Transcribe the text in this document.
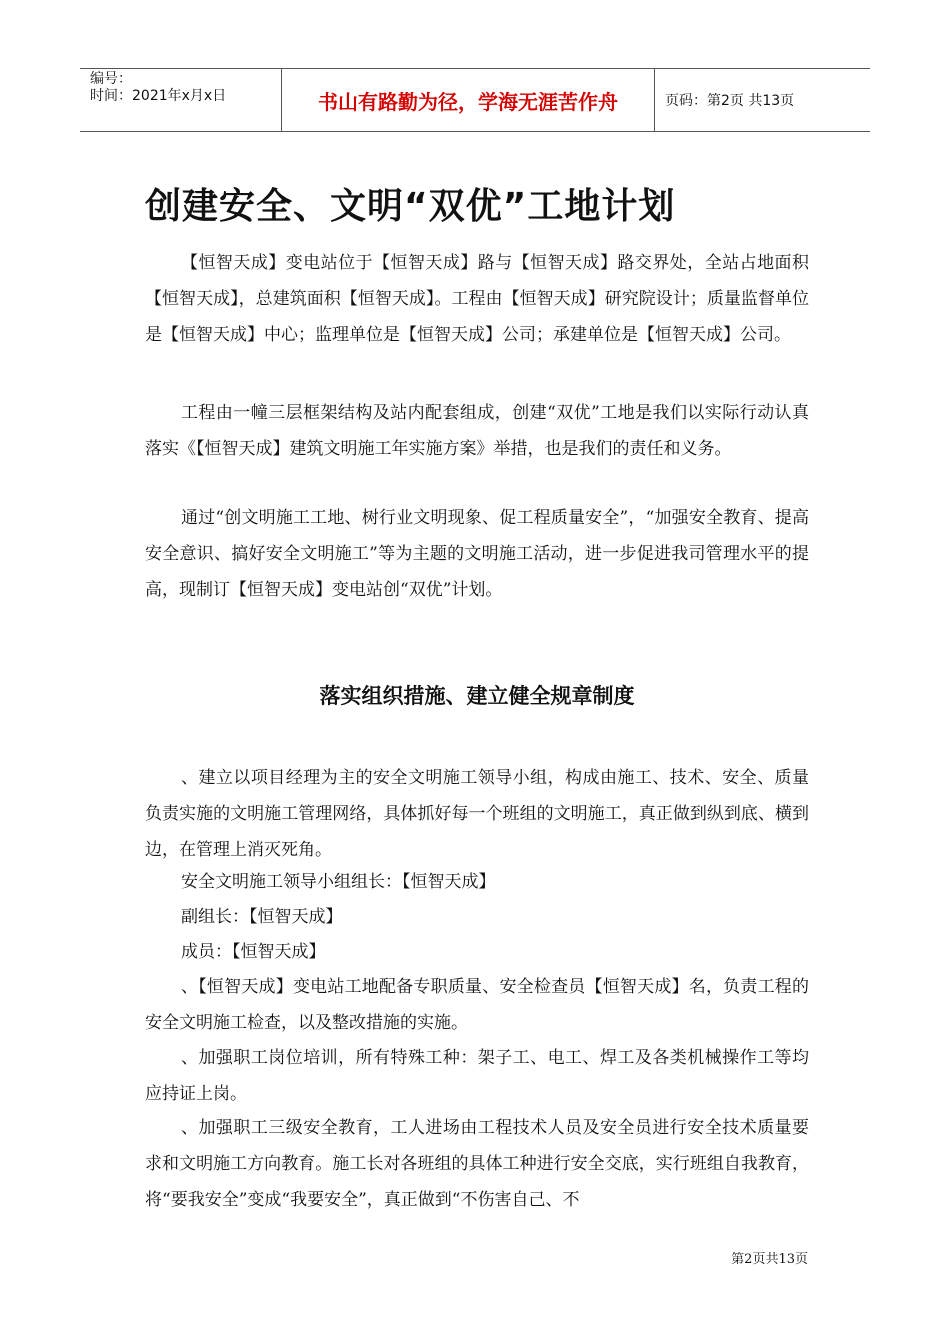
编号：
时间：2021年x月x日	书山有路勤为径，学海无涯苦作舟	页码：第2页 共13页
创建安全、文明“双优”工地计划

【恒智天成】变电站位于【恒智天成】路与【恒智天成】路交界处，全站占地面积【恒智天成】，总建筑面积【恒智天成】。工程由【恒智天成】研究院设计；质量监督单位是【恒智天成】中心；监理单位是【恒智天成】公司；承建单位是【恒智天成】公司。

工程由一幢三层框架结构及站内配套组成，创建“双优”工地是我们以实际行动认真落实《【恒智天成】建筑文明施工年实施方案》举措，也是我们的责任和义务。

通过“创文明施工工地、树行业文明现象、促工程质量安全”，“加强安全教育、提高安全意识、搞好安全文明施工”等为主题的文明施工活动，进一步促进我司管理水平的提高，现制订【恒智天成】变电站创“双优”计划。

落实组织措施、建立健全规章制度

、建立以项目经理为主的安全文明施工领导小组，构成由施工、技术、安全、质量负责实施的文明施工管理网络，具体抓好每一个班组的文明施工，真正做到纵到底、横到边，在管理上消灭死角。

安全文明施工领导小组组长：【恒智天成】

副组长：【恒智天成】

成员：【恒智天成】

、【恒智天成】变电站工地配备专职质量、安全检查员【恒智天成】名，负责工程的安全文明施工检查，以及整改措施的实施。

、加强职工岗位培训，所有特殊工种：架子工、电工、焊工及各类机械操作工等均应持证上岗。

、加强职工三级安全教育，工人进场由工程技术人员及安全员进行安全技术质量要求和文明施工方向教育。施工长对各班组的具体工种进行安全交底，实行班组自我教育，将“要我安全”变成“我要安全”，真正做到“不伤害自己、不

第2页共13页
